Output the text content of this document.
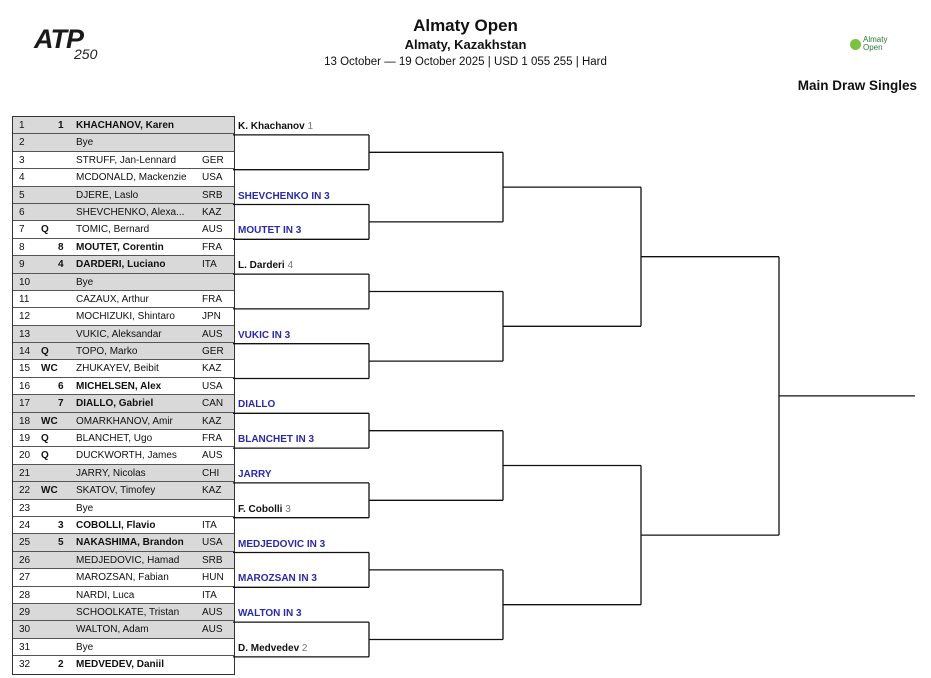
ATP
250
Almaty Open
Almaty, Kazakhstan
13 October — 19 October 2025 | USD 1 055 255 | Hard
Almaty
Open
Main Draw Singles
1	1 KHACHANOV, Karen
2	Bye
3	STRUFF, Jan-Lennard	GER
4	MCDONALD, Mackenzie USA
5	DJERE, Laslo	SRB
6	SHEVCHENKO, Alexa... KAZ
7 Q	TOMIC, Bernard	AUS
8	8 MOUTET, Corentin	FRA
9	4 DARDERI, Luciano	ITA
10	Bye
11	CAZAUX, Arthur	FRA
12	MOCHIZUKI, Shintaro	JPN
13	VUKIC, Aleksandar	AUS
14 Q	TOPO, Marko	GER
15 WC ZHUKAYEV, Beibit	KAZ
16	6 MICHELSEN, Alex	USA
17	7 DIALLO, Gabriel	CAN
18 WC OMARKHANOV, Amir	KAZ
19 Q	BLANCHET, Ugo	FRA
20 Q	DUCKWORTH, James	AUS
21	JARRY, Nicolas	CHI
22 WC SKATOV, Timofey	KAZ
23	Bye
24	3 COBOLLI, Flavio	ITA
25	5 NAKASHIMA, Brandon USA
26	MEDJEDOVIC, Hamad SRB
27	MAROZSAN, Fabian	HUN
28	NARDI, Luca	ITA
29	SCHOOLKATE, Tristan AUS
30	WALTON, Adam	AUS
31	Bye
32	2 MEDVEDEV, Daniil
K. Khachanov 1
SHEVCHENKO IN 3
MOUTET IN 3
L. Darderi 4
VUKIC IN 3
DIALLO
BLANCHET IN 3
JARRY
F. Cobolli 3
MEDJEDOVIC IN 3
MAROZSAN IN 3
WALTON IN 3
D. Medvedev 2
